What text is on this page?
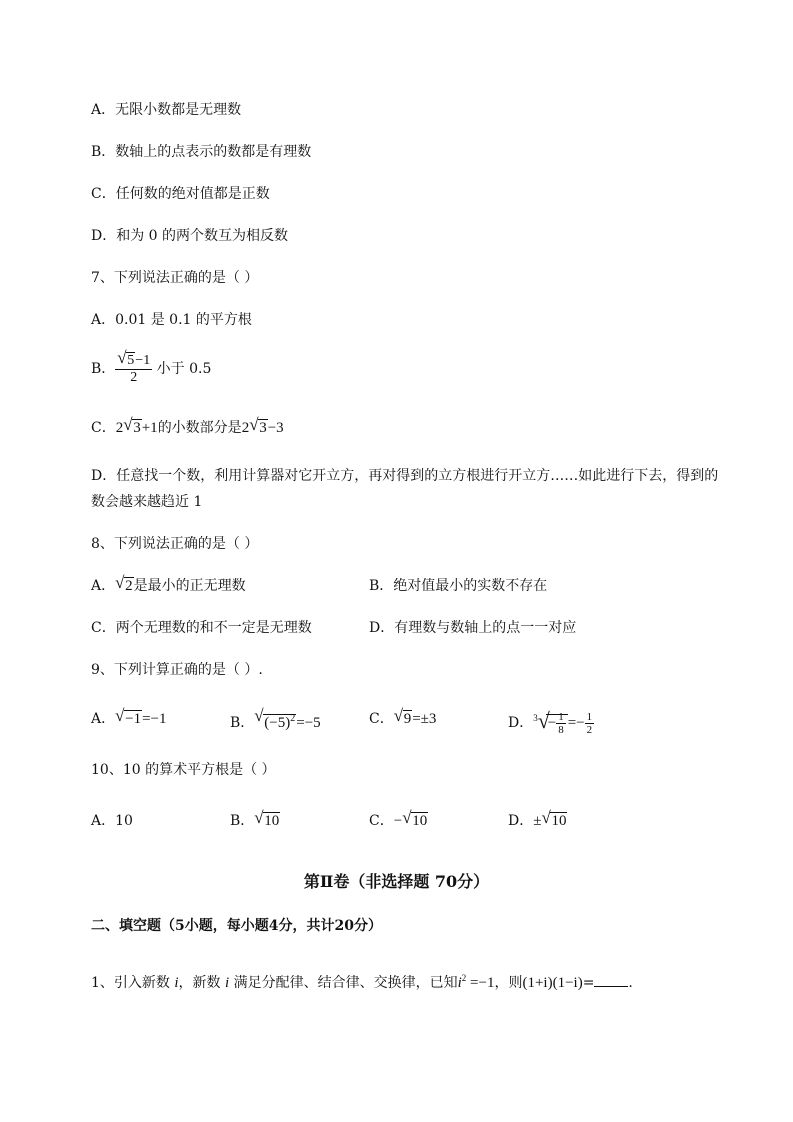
A．无限小数都是无理数
B．数轴上的点表示的数都是有理数
C．任何数的绝对值都是正数
D．和为 0 的两个数互为相反数
7、下列说法正确的是（ ）
A．0.01 是 0.1 的平方根
B． $\frac{√ 5-1}{2}$ 小于 0.5
C．2 √ 3+1的小数部分是2 √ 3−3
D．任意找一个数，利用计算器对它开立方，再对得到的立方根进行开立方……如此进行下去，得到的
数会越来越趋近 1
8、下列说法正确的是（ ）
A． √ 2是最小的正无理数	B．绝对值最小的实数不存在
C．两个无理数的和不一定是无理数	D．有理数与数轴上的点一一对应
9、下列计算正确的是（ ）.
A． √ −1=−1	B． √ $(-5)^2=-5$	C． √ 9=±3	D．$^3$ √
− $\frac{1}{8} =- \frac{1}{2}$
10、10 的算术平方根是（ ）
A．10	B． √ 10	C．− √ 10	D．± √ 10
第Ⅱ卷（非选择题 70分）
二、填空题（5小题，每小题4分，共计20分）
1、引入新数 i，新数 i 满足分配律、结合律、交换律，已知$i^2 =-1$，则(1+i)(1−i)= .
